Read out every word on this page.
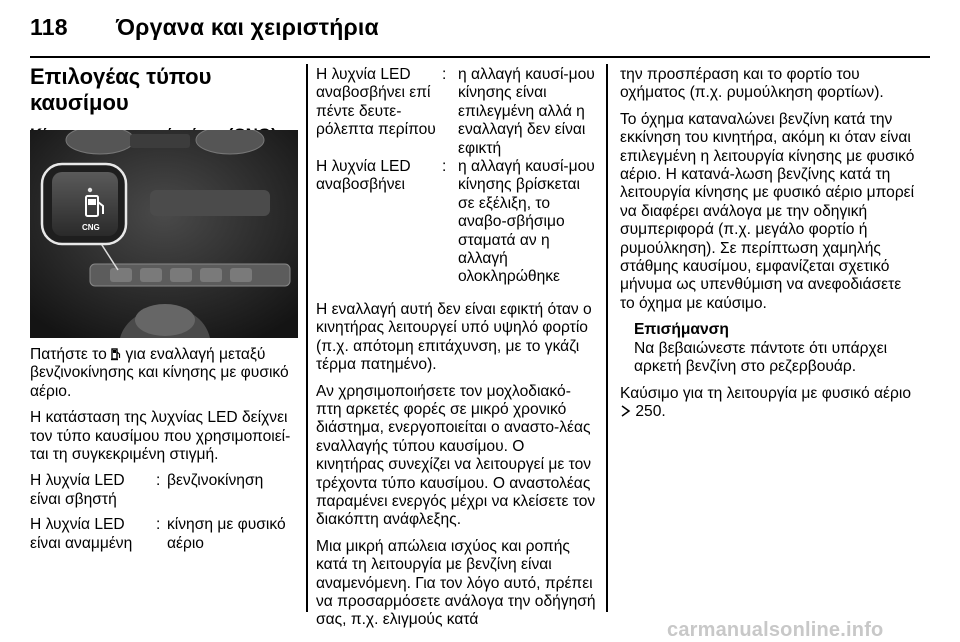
118 Όργανα και χειριστήρια
Επιλογέας τύπου καυσίμου
CNG

Πατήστε το για εναλλαγή μεταξύ βενζινοκίνησης και κίνησης με φυσικό αέριο.

Η κατάσταση της λυχνίας LED δείχνει τον τύπο καυσίμου που χρησιμοποιεί-ται τη συγκεκριμένη στιγμή.

Η λυχνία LED είναι σβηστή	:	βενζινοκίνηση
Η λυχνία LED είναι αναμμένη	:	κίνηση με φυσικό αέριο
Η λυχνία LED αναβοσβήνει επί πέντε δευτε-ρόλεπτα περίπου	:	η αλλαγή καυσί-μου κίνησης είναι επιλεγμένη αλλά η εναλλαγή δεν είναι εφικτή
Η λυχνία LED αναβοσβήνει	:	η αλλαγή καυσί-μου κίνησης βρίσκεται σε εξέλιξη, το αναβο-σβήσιμο σταματά αν η αλλαγή ολοκληρώθηκε

Η εναλλαγή αυτή δεν είναι εφικτή όταν ο κινητήρας λειτουργεί υπό υψηλό φορτίο (π.χ. απότομη επιτάχυνση, με το γκάζι τέρμα πατημένο).

Αν χρησιμοποιήσετε τον μοχλοδιακό-πτη αρκετές φορές σε μικρό χρονικό διάστημα, ενεργοποιείται ο αναστο-λέας εναλλαγής τύπου καυσίμου. Ο κινητήρας συνεχίζει να λειτουργεί με τον τρέχοντα τύπο καυσίμου. Ο αναστολέας παραμένει ενεργός μέχρι να κλείσετε τον διακόπτη ανάφλεξης.

Μια μικρή απώλεια ισχύος και ροπής κατά τη λειτουργία με βενζίνη είναι αναμενόμενη. Για τον λόγο αυτό, πρέπει να προσαρμόσετε ανάλογα την οδήγησή σας, π.χ. ελιγμούς κατά

την προσπέραση και το φορτίο του οχήματος (π.χ. ρυμούλκηση φορτίων).

Το όχημα καταναλώνει βενζίνη κατά την εκκίνηση του κινητήρα, ακόμη κι όταν είναι επιλεγμένη η λειτουργία κίνησης με φυσικό αέριο. Η κατανά-λωση βενζίνης κατά τη λειτουργία κίνησης με φυσικό αέριο μπορεί να διαφέρει ανάλογα με την οδηγική συμπεριφορά (π.χ. μεγάλο φορτίο ή ρυμούλκηση). Σε περίπτωση χαμηλής στάθμης καυσίμου, εμφανίζεται σχετικό μήνυμα ως υπενθύμιση να ανεφοδιάσετε το όχημα με καύσιμο.

Επισήμανση

Να βεβαιώνεστε πάντοτε ότι υπάρχει αρκετή βενζίνη στο ρεζερβουάρ.

Καύσιμο για τη λειτουργία με φυσικό αέριο  250.

carmanualsonline.info
